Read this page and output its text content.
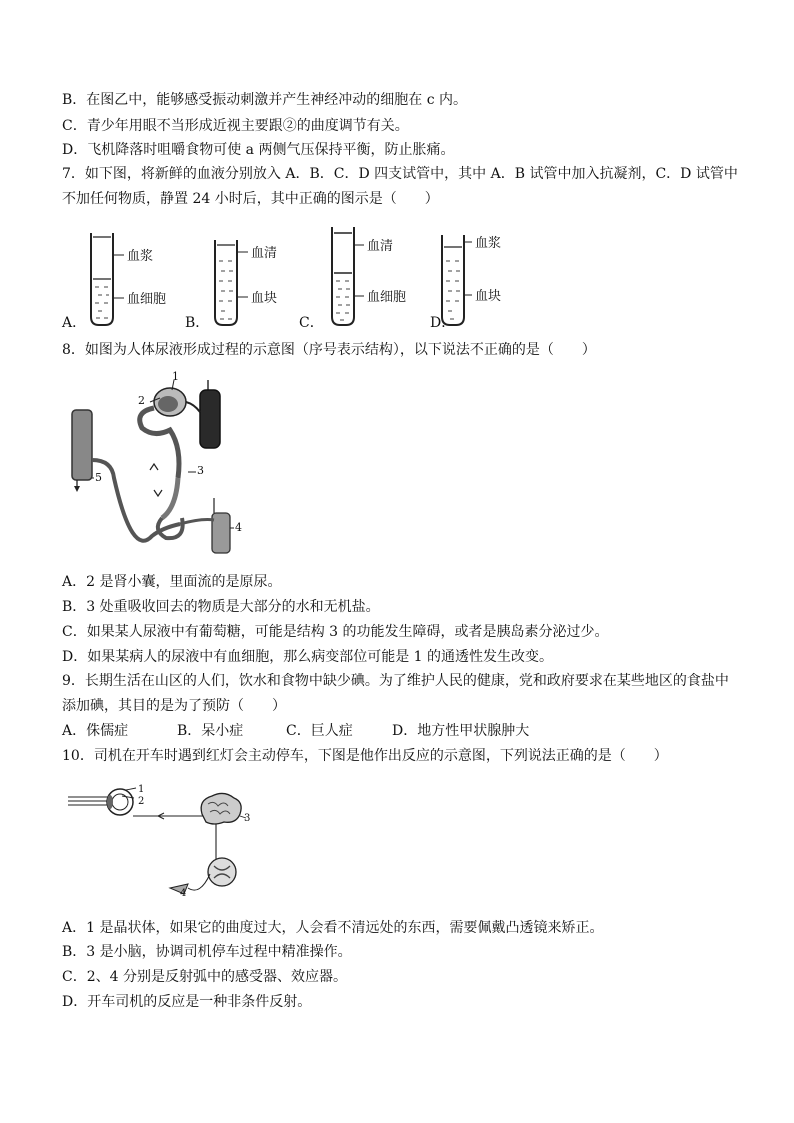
B．在图乙中，能够感受振动刺激并产生神经冲动的细胞在 c 内。
C．青少年用眼不当形成近视主要跟②的曲度调节有关。
D．飞机降落时咀嚼食物可使 a 两侧气压保持平衡，防止胀痛。
7．如下图，将新鲜的血液分别放入 A．B．C．D 四支试管中，其中 A．B 试管中加入抗凝剂，C．D 试管中
不加任何物质，静置 24 小时后，其中正确的图示是（　　）
血浆
血细胞
血清
血块
血清
血细胞
血浆
血块
A．	B．	C．	D．
8．如图为人体尿液形成过程的示意图（序号表示结构），以下说法不正确的是（　　）
1
2
3
4
5
A．2 是肾小囊，里面流的是原尿。
B．3 处重吸收回去的物质是大部分的水和无机盐。
C．如果某人尿液中有葡萄糖，可能是结构 3 的功能发生障碍，或者是胰岛素分泌过少。
D．如果某病人的尿液中有血细胞，那么病变部位可能是 1 的通透性发生改变。
9．长期生活在山区的人们，饮水和食物中缺少碘。为了维护人民的健康，党和政府要求在某些地区的食盐中
添加碘，其目的是为了预防（　　）
A．侏儒症	B．呆小症	C．巨人症	D．地方性甲状腺肿大
10．司机在开车时遇到红灯会主动停车，下图是他作出反应的示意图，下列说法正确的是（　　）
1
2
3
4
A．1 是晶状体，如果它的曲度过大，人会看不清远处的东西，需要佩戴凸透镜来矫正。
B．3 是小脑，协调司机停车过程中精准操作。
C．2、4 分别是反射弧中的感受器、效应器。
D．开车司机的反应是一种非条件反射。
